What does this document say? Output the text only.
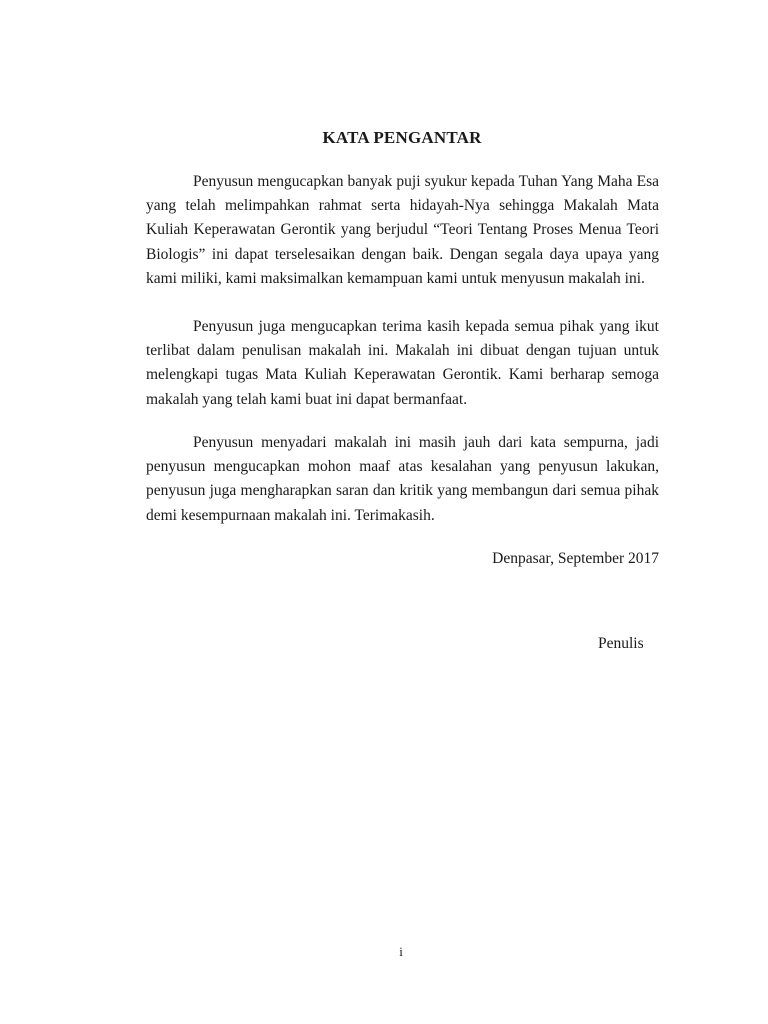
KATA PENGANTAR

Penyusun mengucapkan banyak puji syukur kepada Tuhan Yang Maha Esa yang telah melimpahkan rahmat serta hidayah-Nya sehingga Makalah Mata Kuliah Keperawatan Gerontik yang berjudul “Teori Tentang Proses Menua Teori Biologis” ini dapat terselesaikan dengan baik. Dengan segala daya upaya yang kami miliki, kami maksimalkan kemampuan kami untuk menyusun makalah ini.

Penyusun juga mengucapkan terima kasih kepada semua pihak yang ikut terlibat dalam penulisan makalah ini. Makalah ini dibuat dengan tujuan untuk melengkapi tugas Mata Kuliah Keperawatan Gerontik. Kami berharap semoga makalah yang telah kami buat ini dapat bermanfaat.

Penyusun menyadari makalah ini masih jauh dari kata sempurna, jadi penyusun mengucapkan mohon maaf atas kesalahan yang penyusun lakukan, penyusun juga mengharapkan saran dan kritik yang membangun dari semua pihak demi kesempurnaan makalah ini. Terimakasih.

Denpasar, September 2017
Penulis
i
